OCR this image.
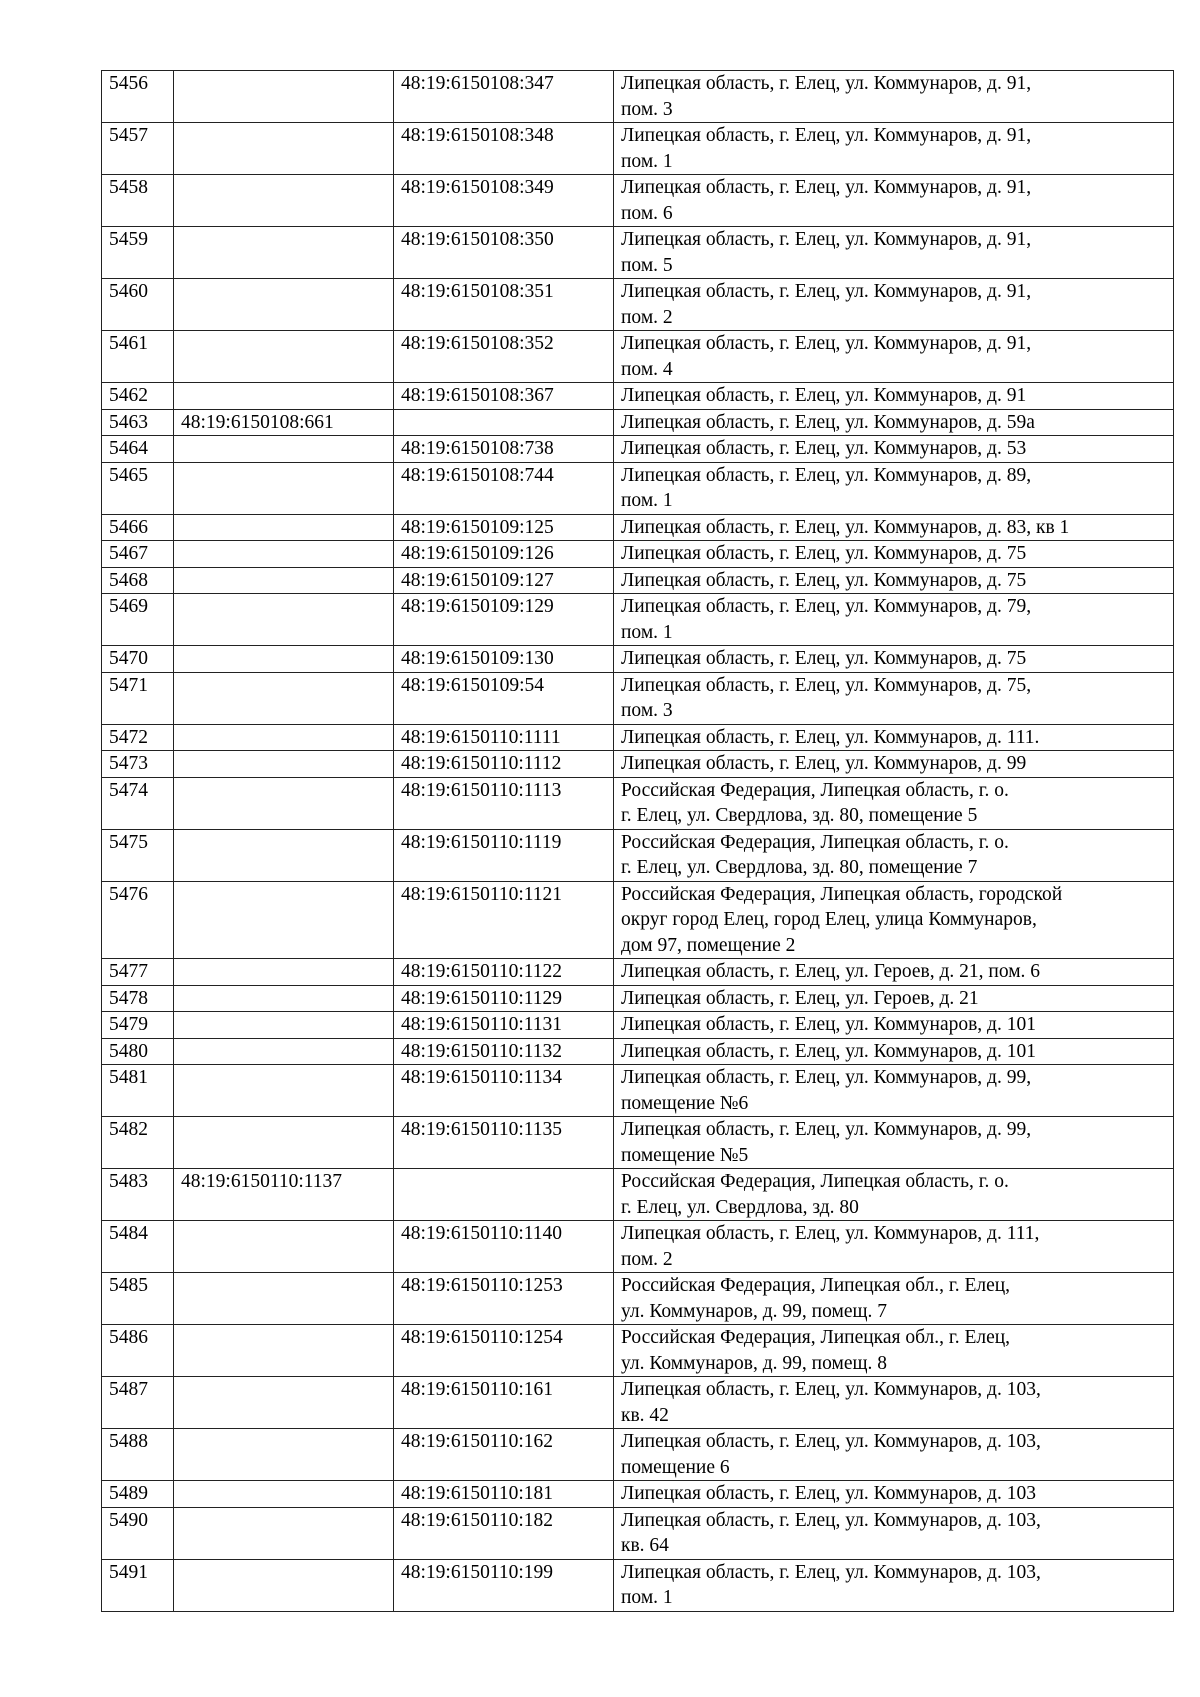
5456		48:19:6150108:347	Липецкая область, г. Елец, ул. Коммунаров, д. 91,
пом. 3

5457		48:19:6150108:348	Липецкая область, г. Елец, ул. Коммунаров, д. 91,
пом. 1

5458		48:19:6150108:349	Липецкая область, г. Елец, ул. Коммунаров, д. 91,
пом. 6

5459		48:19:6150108:350	Липецкая область, г. Елец, ул. Коммунаров, д. 91,
пом. 5

5460		48:19:6150108:351	Липецкая область, г. Елец, ул. Коммунаров, д. 91,
пом. 2

5461		48:19:6150108:352	Липецкая область, г. Елец, ул. Коммунаров, д. 91,
пом. 4

5462		48:19:6150108:367	Липецкая область, г. Елец, ул. Коммунаров, д. 91

5463	48:19:6150108:661		Липецкая область, г. Елец, ул. Коммунаров, д. 59а

5464		48:19:6150108:738	Липецкая область, г. Елец, ул. Коммунаров, д. 53

5465		48:19:6150108:744	Липецкая область, г. Елец, ул. Коммунаров, д. 89,
пом. 1

5466		48:19:6150109:125	Липецкая область, г. Елец, ул. Коммунаров, д. 83, кв 1

5467		48:19:6150109:126	Липецкая область, г. Елец, ул. Коммунаров, д. 75

5468		48:19:6150109:127	Липецкая область, г. Елец, ул. Коммунаров, д. 75

5469		48:19:6150109:129	Липецкая область, г. Елец, ул. Коммунаров, д. 79,
пом. 1

5470		48:19:6150109:130	Липецкая область, г. Елец, ул. Коммунаров, д. 75

5471		48:19:6150109:54	Липецкая область, г. Елец, ул. Коммунаров, д. 75,
пом. 3

5472		48:19:6150110:1111	Липецкая область, г. Елец, ул. Коммунаров, д. 111.

5473		48:19:6150110:1112	Липецкая область, г. Елец, ул. Коммунаров, д. 99

5474		48:19:6150110:1113	Российская Федерация, Липецкая область, г. о.
г. Елец, ул. Свердлова, зд. 80, помещение 5

5475		48:19:6150110:1119	Российская Федерация, Липецкая область, г. о.
г. Елец, ул. Свердлова, зд. 80, помещение 7

5476		48:19:6150110:1121	Российская Федерация, Липецкая область, городской
округ город Елец, город Елец, улица Коммунаров,
дом 97, помещение 2

5477		48:19:6150110:1122	Липецкая область, г. Елец, ул. Героев, д. 21, пом. 6

5478		48:19:6150110:1129	Липецкая область, г. Елец, ул. Героев, д. 21

5479		48:19:6150110:1131	Липецкая область, г. Елец, ул. Коммунаров, д. 101

5480		48:19:6150110:1132	Липецкая область, г. Елец, ул. Коммунаров, д. 101

5481		48:19:6150110:1134	Липецкая область, г. Елец, ул. Коммунаров, д. 99,
помещение №6

5482		48:19:6150110:1135	Липецкая область, г. Елец, ул. Коммунаров, д. 99,
помещение №5

5483	48:19:6150110:1137		Российская Федерация, Липецкая область, г. о.
г. Елец, ул. Свердлова, зд. 80

5484		48:19:6150110:1140	Липецкая область, г. Елец, ул. Коммунаров, д. 111,
пом. 2

5485		48:19:6150110:1253	Российская Федерация, Липецкая обл., г. Елец,
ул. Коммунаров, д. 99, помещ. 7

5486		48:19:6150110:1254	Российская Федерация, Липецкая обл., г. Елец,
ул. Коммунаров, д. 99, помещ. 8

5487		48:19:6150110:161	Липецкая область, г. Елец, ул. Коммунаров, д. 103,
кв. 42

5488		48:19:6150110:162	Липецкая область, г. Елец, ул. Коммунаров, д. 103,
помещение 6

5489		48:19:6150110:181	Липецкая область, г. Елец, ул. Коммунаров, д. 103

5490		48:19:6150110:182	Липецкая область, г. Елец, ул. Коммунаров, д. 103,
кв. 64

5491		48:19:6150110:199	Липецкая область, г. Елец, ул. Коммунаров, д. 103,
пом. 1
